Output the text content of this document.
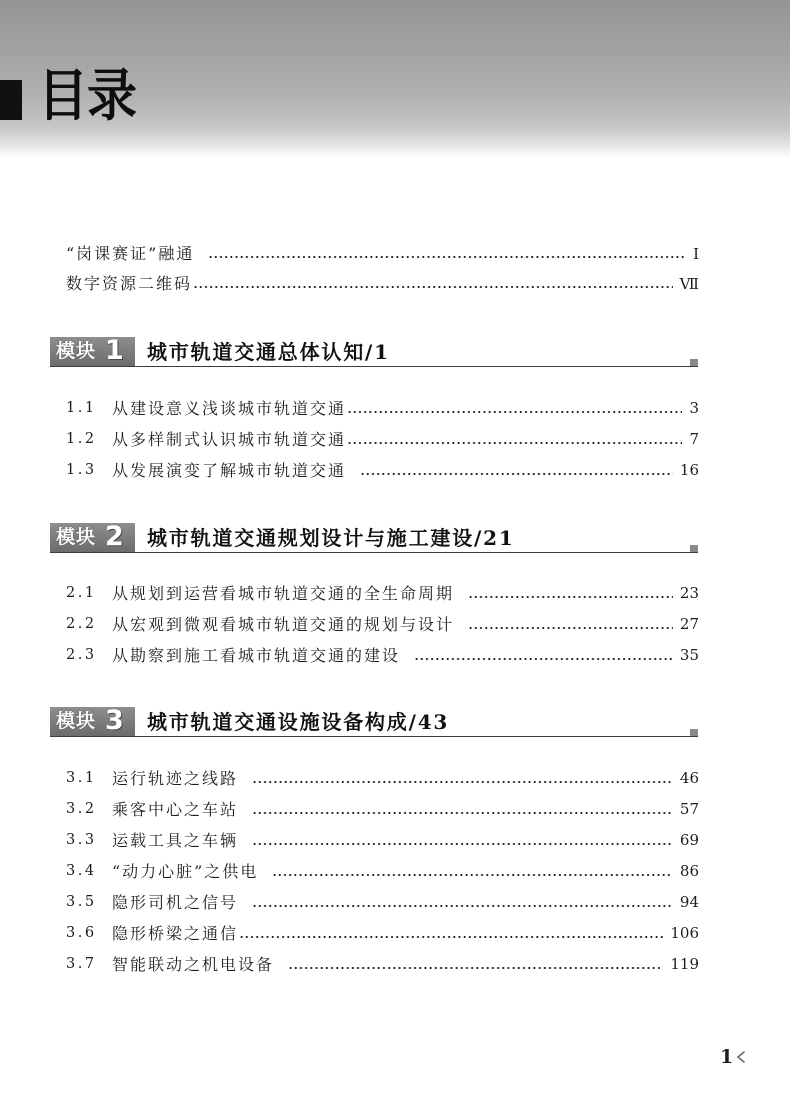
目录
“岗课赛证”融通	Ⅰ
数字资源二维码	Ⅶ
模块 1 城市轨道交通总体认知/1
1.1 从建设意义浅谈城市轨道交通	3
1.2 从多样制式认识城市轨道交通	7
1.3 从发展演变了解城市轨道交通	16
模块 2 城市轨道交通规划设计与施工建设/21
2.1 从规划到运营看城市轨道交通的全生命周期	23
2.2 从宏观到微观看城市轨道交通的规划与设计	27
2.3 从勘察到施工看城市轨道交通的建设	35
模块 3 城市轨道交通设施设备构成/43
3.1 运行轨迹之线路	46
3.2 乘客中心之车站	57
3.3 运载工具之车辆	69
3.4 “动力心脏”之供电	86
3.5 隐形司机之信号	94
3.6 隐形桥梁之通信	106
3.7 智能联动之机电设备	119
1
